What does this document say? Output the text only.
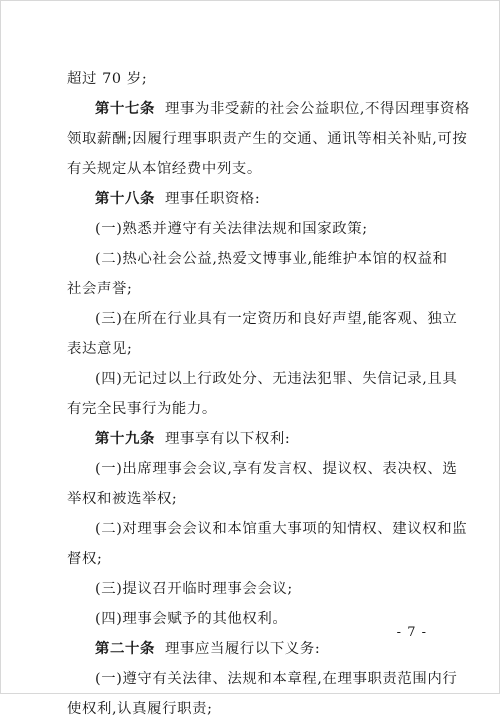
超过 70 岁;
第十七条 理事为非受薪的社会公益职位,不得因理事资格
领取薪酬;因履行理事职责产生的交通、通讯等相关补贴,可按
有关规定从本馆经费中列支。
第十八条 理事任职资格:
(一)熟悉并遵守有关法律法规和国家政策;
(二)热心社会公益,热爱文博事业,能维护本馆的权益和
社会声誉;
(三)在所在行业具有一定资历和良好声望,能客观、独立
表达意见;
(四)无记过以上行政处分、无违法犯罪、失信记录,且具
有完全民事行为能力。
第十九条 理事享有以下权利:
(一)出席理事会会议,享有发言权、提议权、表决权、选
举权和被选举权;
(二)对理事会会议和本馆重大事项的知情权、建议权和监
督权;
(三)提议召开临时理事会会议;
(四)理事会赋予的其他权利。
第二十条 理事应当履行以下义务:
(一)遵守有关法律、法规和本章程,在理事职责范围内行
使权利,认真履行职责;
- 7 -
